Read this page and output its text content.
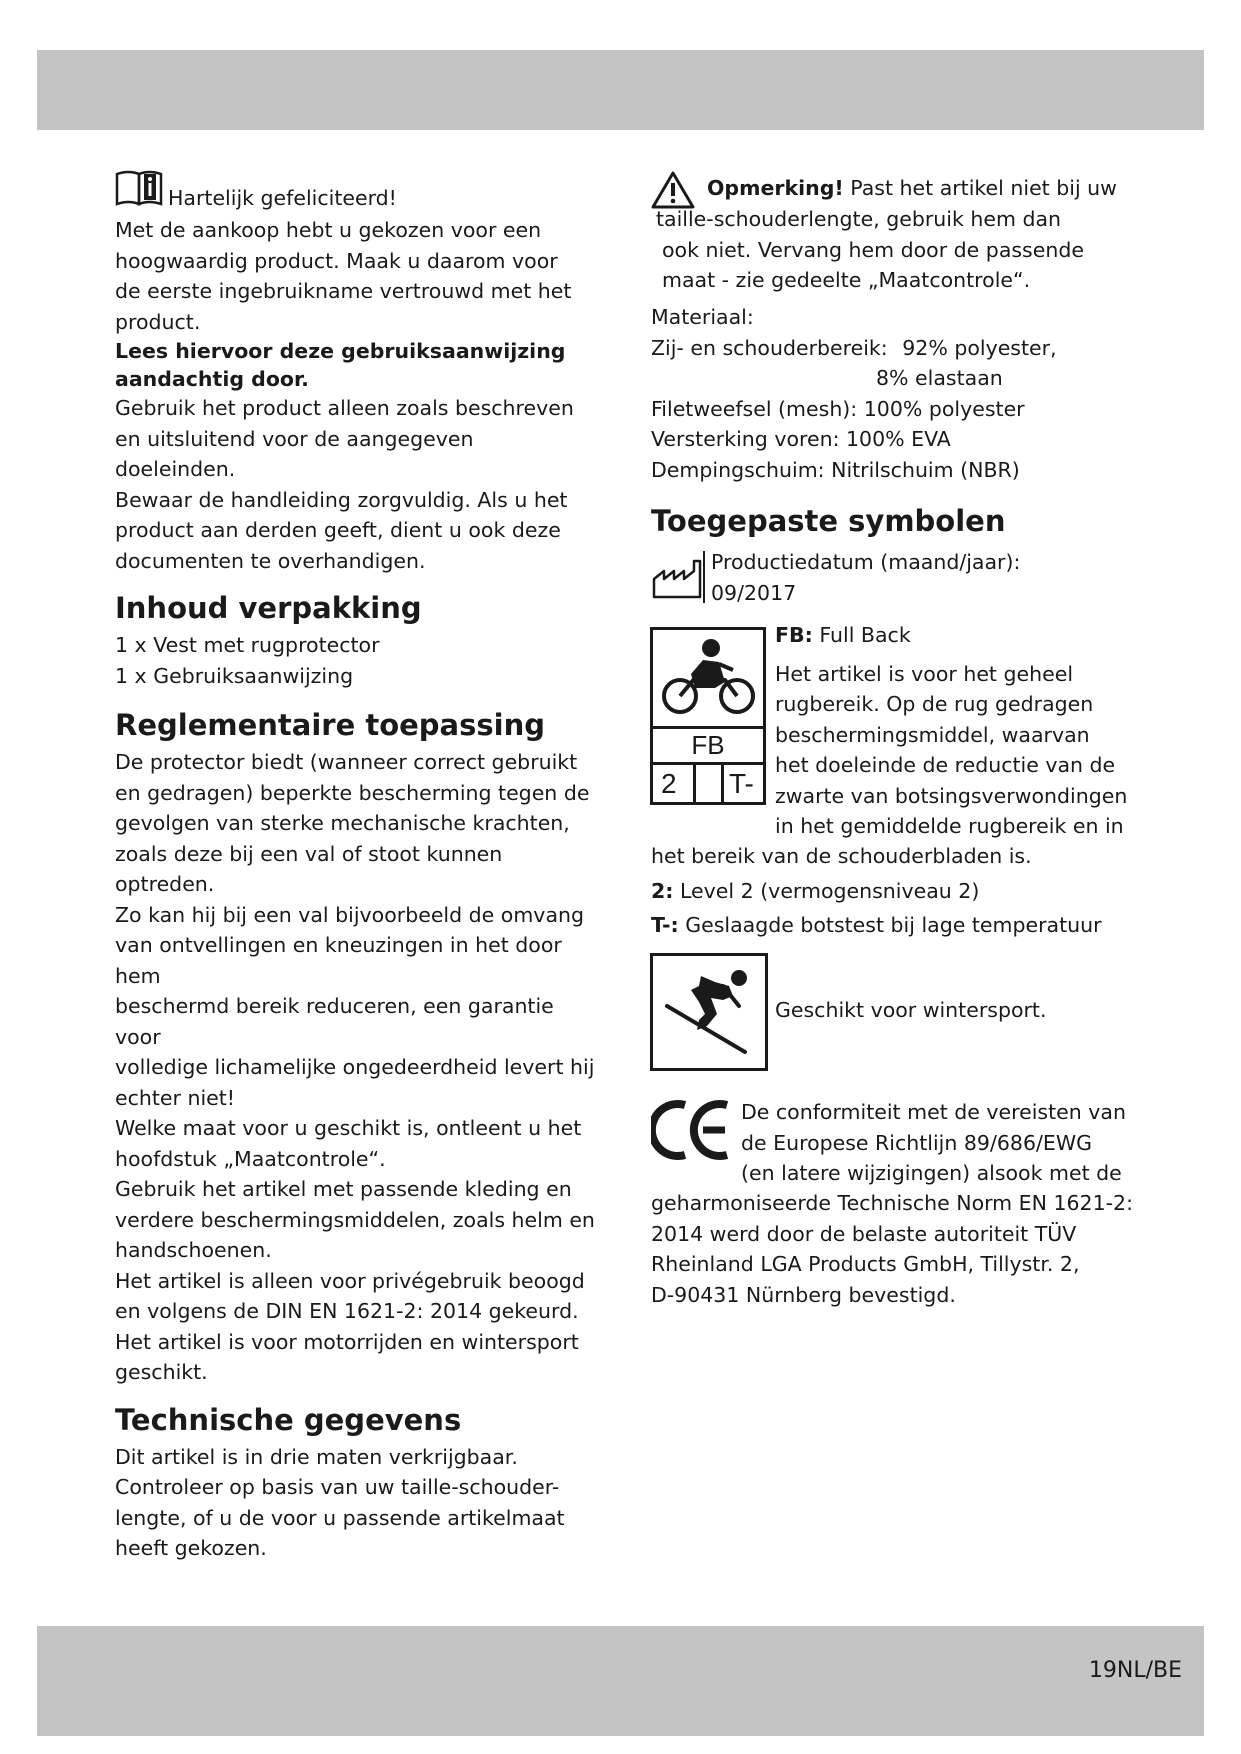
Hartelijk gefeliciteerd!

Met de aankoop hebt u gekozen voor een

hoogwaardig product. Maak u daarom voor

de eerste ingebruikname vertrouwd met het

product.

Lees hiervoor deze gebruiksaanwijzing

aandachtig door.

Gebruik het product alleen zoals beschreven

en uitsluitend voor de aangegeven doeleinden.

Bewaar de handleiding zorgvuldig. Als u het

product aan derden geeft, dient u ook deze

documenten te overhandigen.

Inhoud verpakking

1 x Vest met rugprotector

1 x Gebruiksaanwijzing

Reglementaire toepassing

De protector biedt (wanneer correct gebruikt

en gedragen) beperkte bescherming tegen de

gevolgen van sterke mechanische krachten,

zoals deze bij een val of stoot kunnen optreden.

Zo kan hij bij een val bijvoorbeeld de omvang

van ontvellingen en kneuzingen in het door hem

beschermd bereik reduceren, een garantie voor

volledige lichamelijke ongedeerdheid levert hij

echter niet!

Welke maat voor u geschikt is, ontleent u het

hoofdstuk „Maatcontrole“.

Gebruik het artikel met passende kleding en

verdere beschermingsmiddelen, zoals helm en

handschoenen.

Het artikel is alleen voor privégebruik beoogd

en volgens de DIN EN 1621-2: 2014 gekeurd.

Het artikel is voor motorrijden en wintersport

geschikt.

Technische gegevens

Dit artikel is in drie maten verkrijgbaar.

Controleer op basis van uw taille-schouder-

lengte, of u de voor u passende artikelmaat

heeft gekozen.

Opmerking! Past het artikel niet bij uw

taille-schouderlengte, gebruik hem dan

ook niet. Vervang hem door de passende

maat - zie gedeelte „Maatcontrole“.

Materiaal:

Zij- en schouderbereik: 92% polyester,

8% elastaan

Filetweefsel (mesh): 100% polyester

Versterking voren: 100% EVA

Dempingschuim: Nitrilschuim (NBR)

Toegepaste symbolen

Productiedatum (maand/jaar):

09/2017

FB
2 T-

FB: Full Back

Het artikel is voor het geheel

rugbereik. Op de rug gedragen

beschermingsmiddel, waarvan

het doeleinde de reductie van de

zwarte van botsingsverwondingen

in het gemiddelde rugbereik en in

het bereik van de schouderbladen is.

2: Level 2 (vermogensniveau 2)

T-: Geslaagde botstest bij lage temperatuur

Geschikt voor wintersport.

De conformiteit met de vereisten van

de Europese Richtlijn 89/686/EWG

(en latere wijzigingen) alsook met de

geharmoniseerde Technische Norm EN 1621-2:

2014 werd door de belaste autoriteit TÜV

Rheinland LGA Products GmbH, Tillystr. 2,

D-90431 Nürnberg bevestigd.

19NL/BE
